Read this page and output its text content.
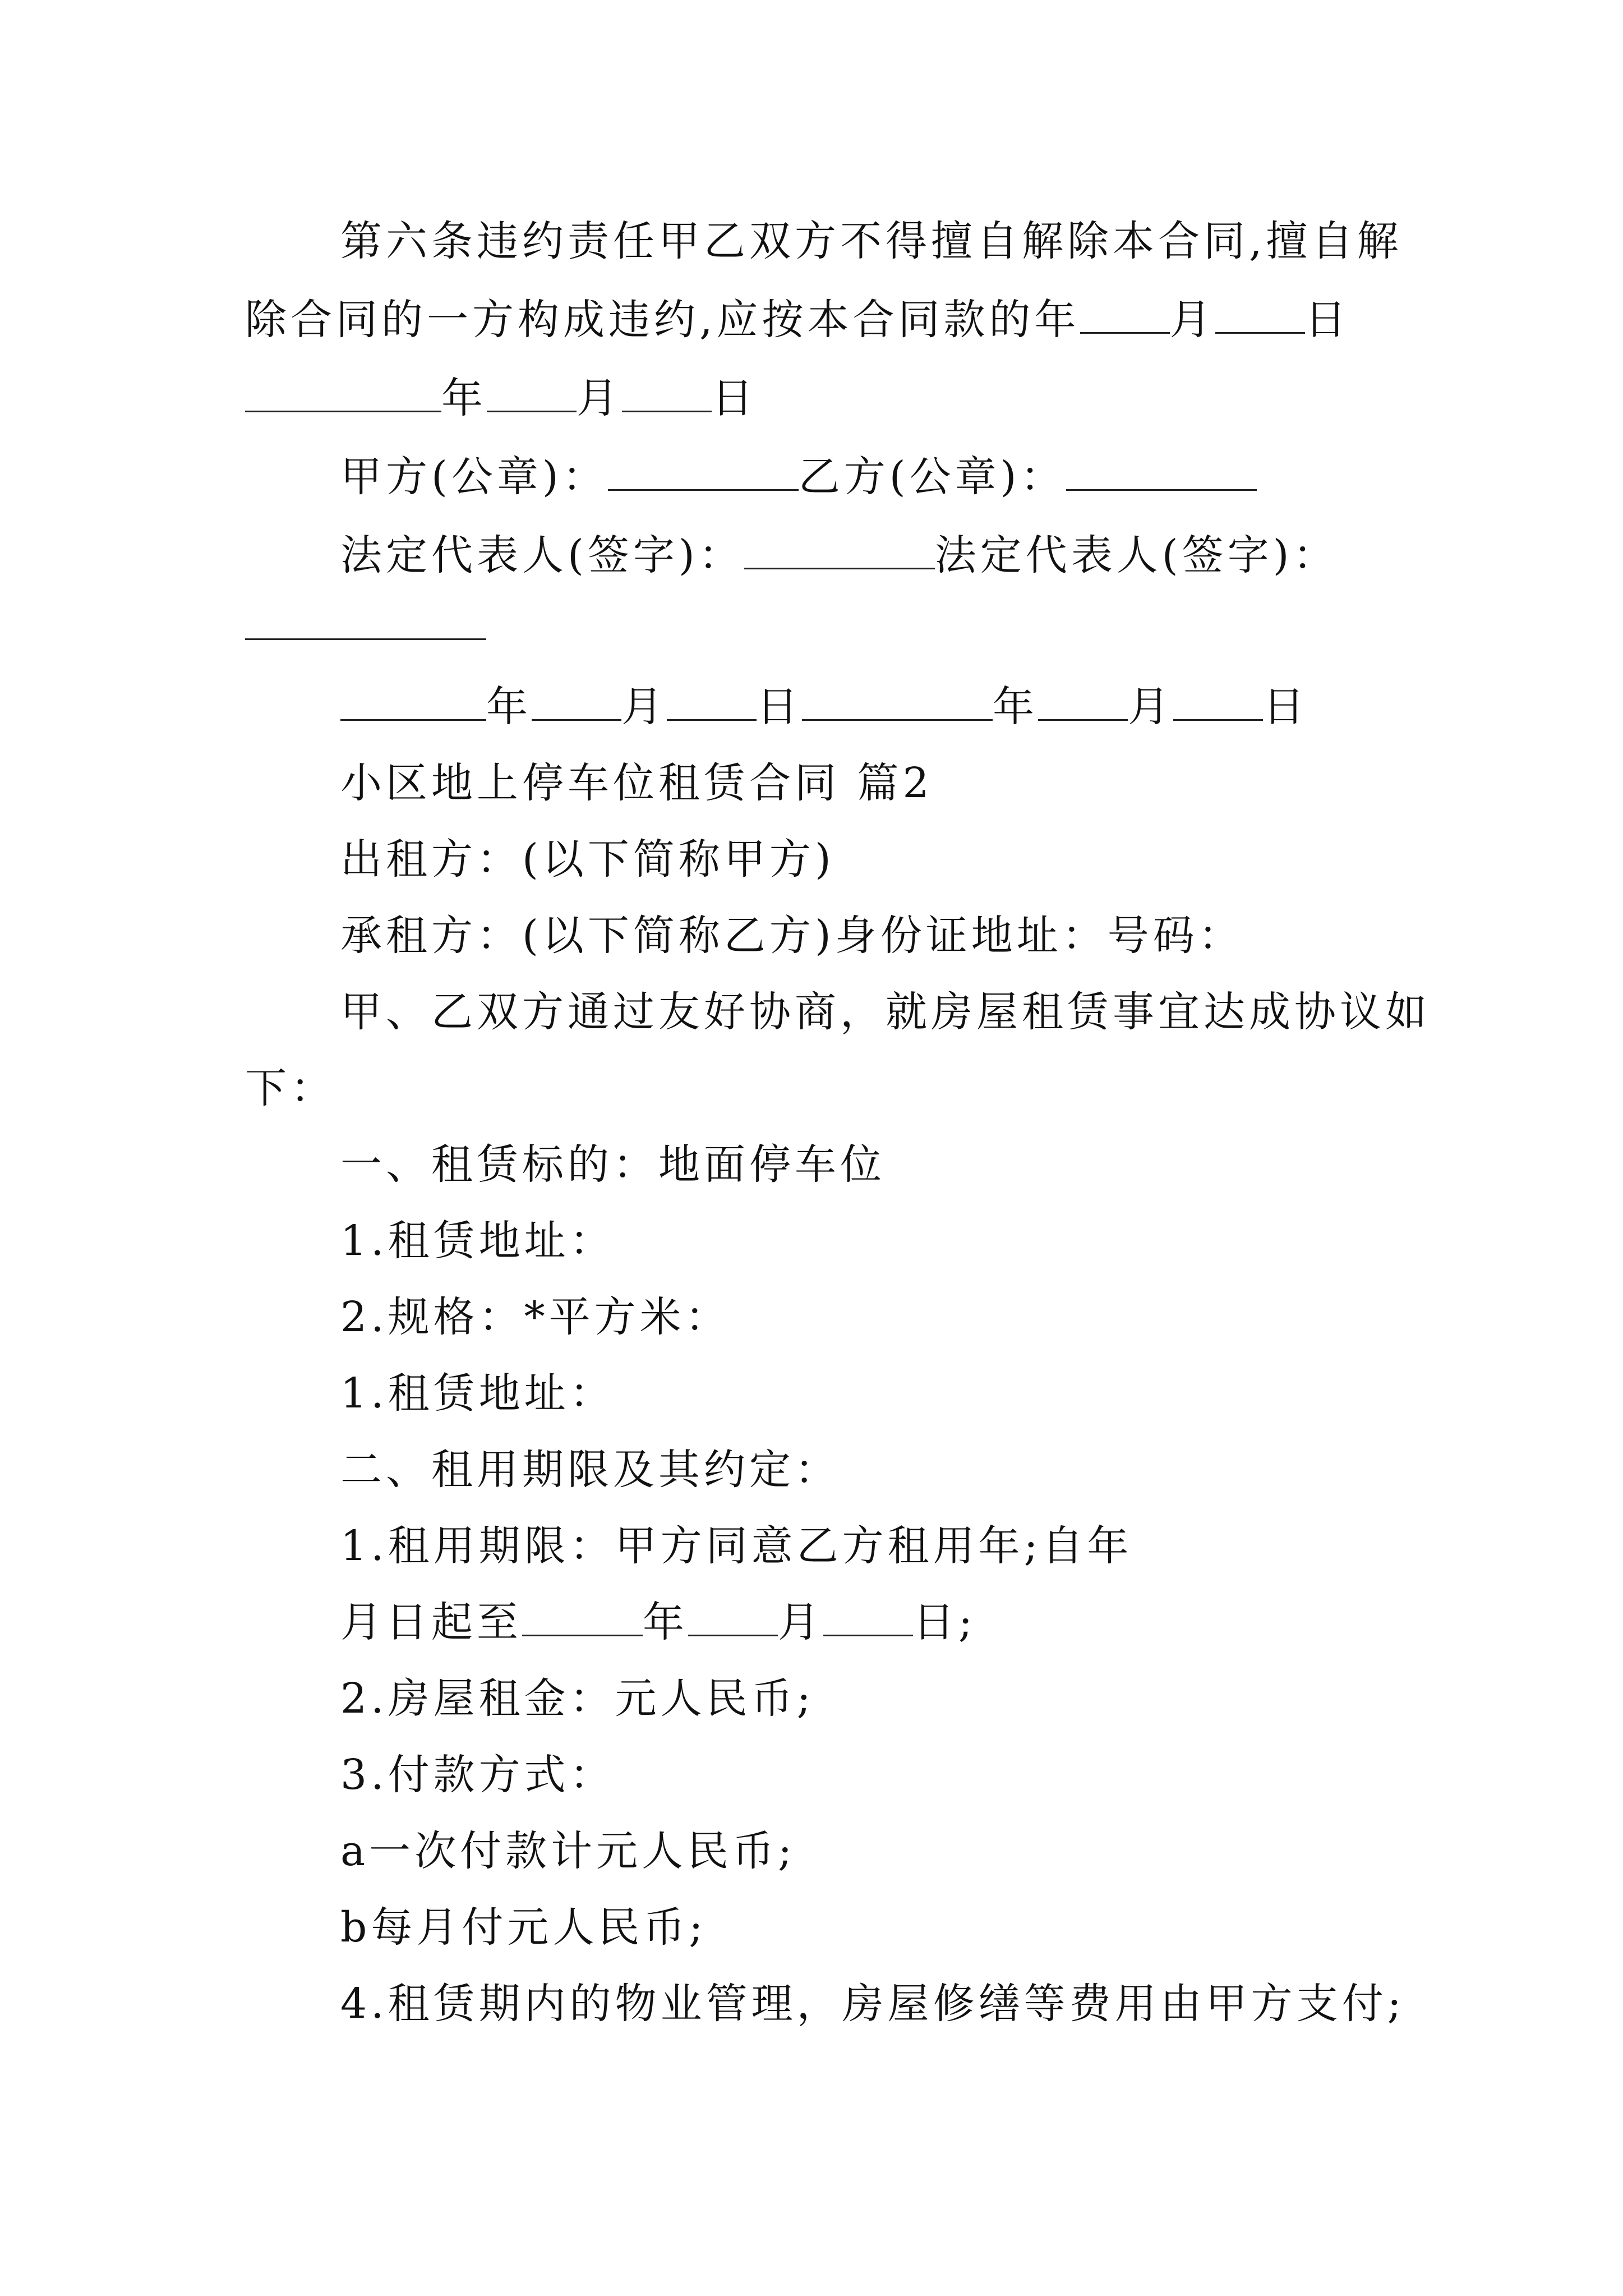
第六条违约责任甲乙双方不得擅自解除本合同,擅自解
除合同的一方构成违约,应按本合同款的年 月 日
年 月 日
甲方(公章)：	乙方(公章)：
法定代表人(签字)：	法定代表人(签字)：
年 月 日	年 月 日
小区地上停车位租赁合同 篇2
出租方：(以下简称甲方)
承租方：(以下简称乙方)身份证地址：号码：
甲、乙双方通过友好协商，就房屋租赁事宜达成协议如
下：
一、租赁标的：地面停车位
1.租赁地址：
2.规格：*平方米：
1.租赁地址：
二、租用期限及其约定：
1.租用期限：甲方同意乙方租用年;自年
月日起至	年 月 日;
2.房屋租金：元人民币;
3.付款方式：
a一次付款计元人民币;
b每月付元人民币;
4.租赁期内的物业管理，房屋修缮等费用由甲方支付;
